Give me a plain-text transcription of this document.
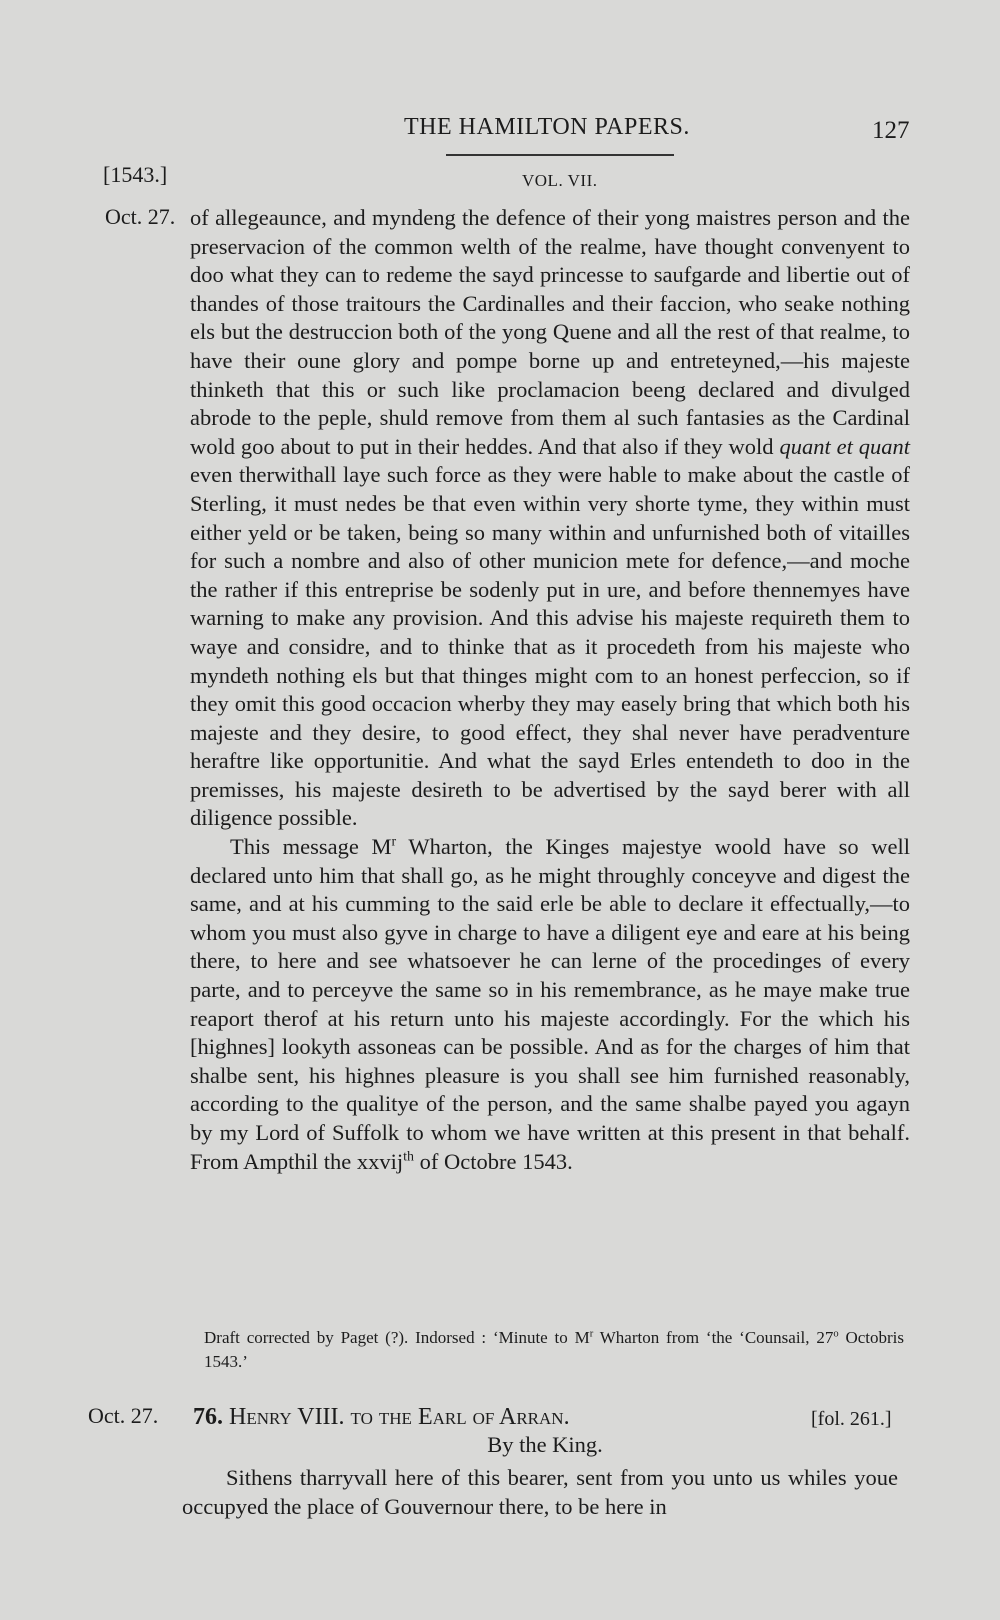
THE HAMILTON PAPERS.	127
[1543.]	VOL. VII.
Oct. 27. of allegeaunce, and myndeng the defence of their yong maistres person and the preservacion of the common welth of the realme, have thought convenyent to doo what they can to redeme the sayd princesse to saufgarde and libertie out of thandes of those traitours the Cardinalles and their faccion, who seake nothing els but the destruccion both of the yong Quene and all the rest of that realme, to have their oune glory and pompe borne up and entreteyned,—his majeste thinketh that this or such like proclamacion beeng declared and divulged abrode to the peple, shuld remove from them al such fantasies as the Cardinal wold goo about to put in their heddes. And that also if they wold quant et quant even therwithall laye such force as they were hable to make about the castle of Sterling, it must nedes be that even within very shorte tyme, they within must either yeld or be taken, being so many within and unfurnished both of vitailles for such a nombre and also of other municion mete for defence,—and moche the rather if this entreprise be sodenly put in ure, and before thennemyes have warning to make any provision. And this advise his majeste requireth them to waye and considre, and to thinke that as it procedeth from his majeste who myndeth nothing els but that thinges might com to an honest perfeccion, so if they omit this good occacion wherby they may easely bring that which both his majeste and they desire, to good effect, they shal never have peradventure heraftre like opportunitie. And what the sayd Erles entendeth to doo in the premisses, his majeste desireth to be advertised by the sayd berer with all diligence possible.

This message $M^r$ Wharton, the Kinges majestye woold have so well declared unto him that shall go, as he might throughly conceyve and digest the same, and at his cumming to the said erle be able to declare it effectually,—to whom you must also gyve in charge to have a diligent eye and eare at his being there, to here and see whatsoever he can lerne of the procedinges of every parte, and to perceyve the same so in his remembrance, as he maye make true reaport therof at his return unto his majeste accordingly. For the which his [highnes] lookyth assoneas can be possible. And as for the charges of him that shalbe sent, his highnes pleasure is you shall see him furnished reasonably, according to the qualitye of the person, and the same shalbe payed you agayn by my Lord of Suffolk to whom we have written at this present in that behalf. From Ampthil the xxvij$^{th}$ of Octobre 1543.

Draft corrected by Paget (?). Indorsed : ‘Minute to $M^r$ Wharton from ‘the ‘Counsail, 27$^o$ Octobris 1543.’
Oct. 27. 76. Henry VIII. to the Earl of Arran.	[fol. 261.]
By the King.
Sithens tharryvall here of this bearer, sent from you unto us whiles youe occupyed the place of Gouvernour there, to be here in
